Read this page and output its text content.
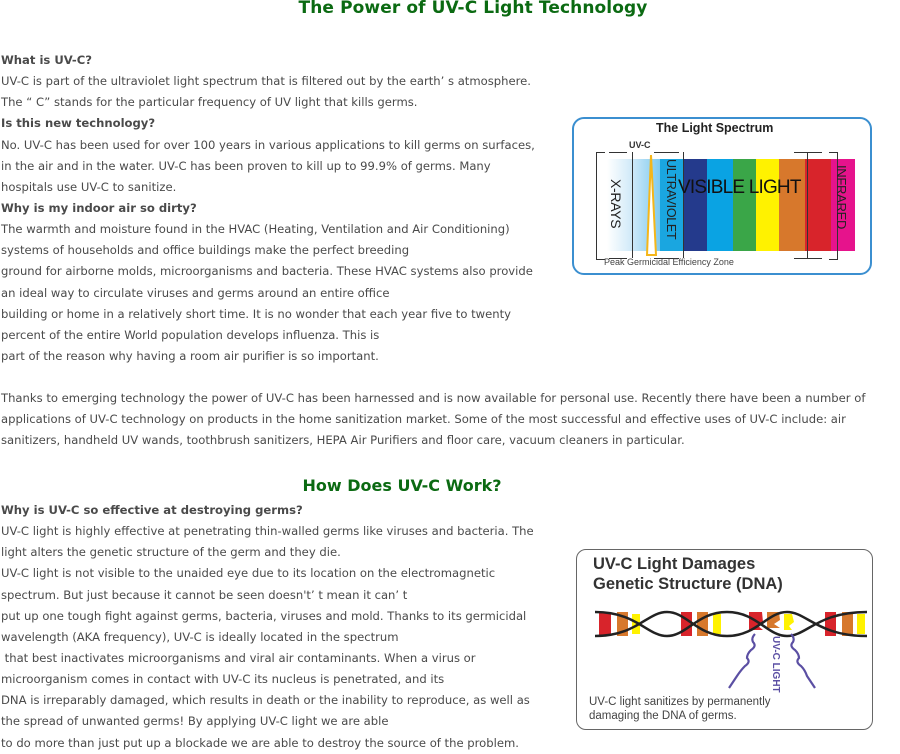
The Power of UV-C Light Technology
What is UV-C?
UV-C is part of the ultraviolet light spectrum that is filtered out by the earth’ s atmosphere.
The “ C” stands for the particular frequency of UV light that kills germs.
Is this new technology?
No. UV-C has been used for over 100 years in various applications to kill germs on surfaces,
in the air and in the water. UV-C has been proven to kill up to 99.9% of germs. Many
hospitals use UV-C to sanitize.
Why is my indoor air so dirty?
The warmth and moisture found in the HVAC (Heating, Ventilation and Air Conditioning)
systems of households and office buildings make the perfect breeding
ground for airborne molds, microorganisms and bacteria. These HVAC systems also provide
an ideal way to circulate viruses and germs around an entire office
building or home in a relatively short time. It is no wonder that each year five to twenty
percent of the entire World population develops influenza. This is
part of the reason why having a room air purifier is so important.
The Light Spectrum
UV-C
X-RAYS	ULTRAVIOLET VISIBLE LIGHT	INFRARED
Peak Germicidal Efficiency Zone
Thanks to emerging technology the power of UV-C has been harnessed and is now available for personal use. Recently there have been a number of
applications of UV-C technology on products in the home sanitization market. Some of the most successful and effective uses of UV-C include: air
sanitizers, handheld UV wands, toothbrush sanitizers, HEPA Air Purifiers and floor care, vacuum cleaners in particular.
How Does UV-C Work?
Why is UV-C so effective at destroying germs?
UV-C light is highly effective at penetrating thin-walled germs like viruses and bacteria. The
light alters the genetic structure of the germ and they die.
UV-C light is not visible to the unaided eye due to its location on the electromagnetic
spectrum. But just because it cannot be seen doesn't’ t mean it can’ t
put up one tough fight against germs, bacteria, viruses and mold. Thanks to its germicidal
wavelength (AKA frequency), UV-C is ideally located in the spectrum
that best inactivates microorganisms and viral air contaminants. When a virus or
microorganism comes in contact with UV-C its nucleus is penetrated, and its
DNA is irreparably damaged, which results in death or the inability to reproduce, as well as
the spread of unwanted germs! By applying UV-C light we are able
to do more than just put up a blockade we are able to destroy the source of the problem.
UV-C Light Damages
Genetic Structure (DNA)
UV-C LIGHT
UV-C light sanitizes by permanently
damaging the DNA of germs.
